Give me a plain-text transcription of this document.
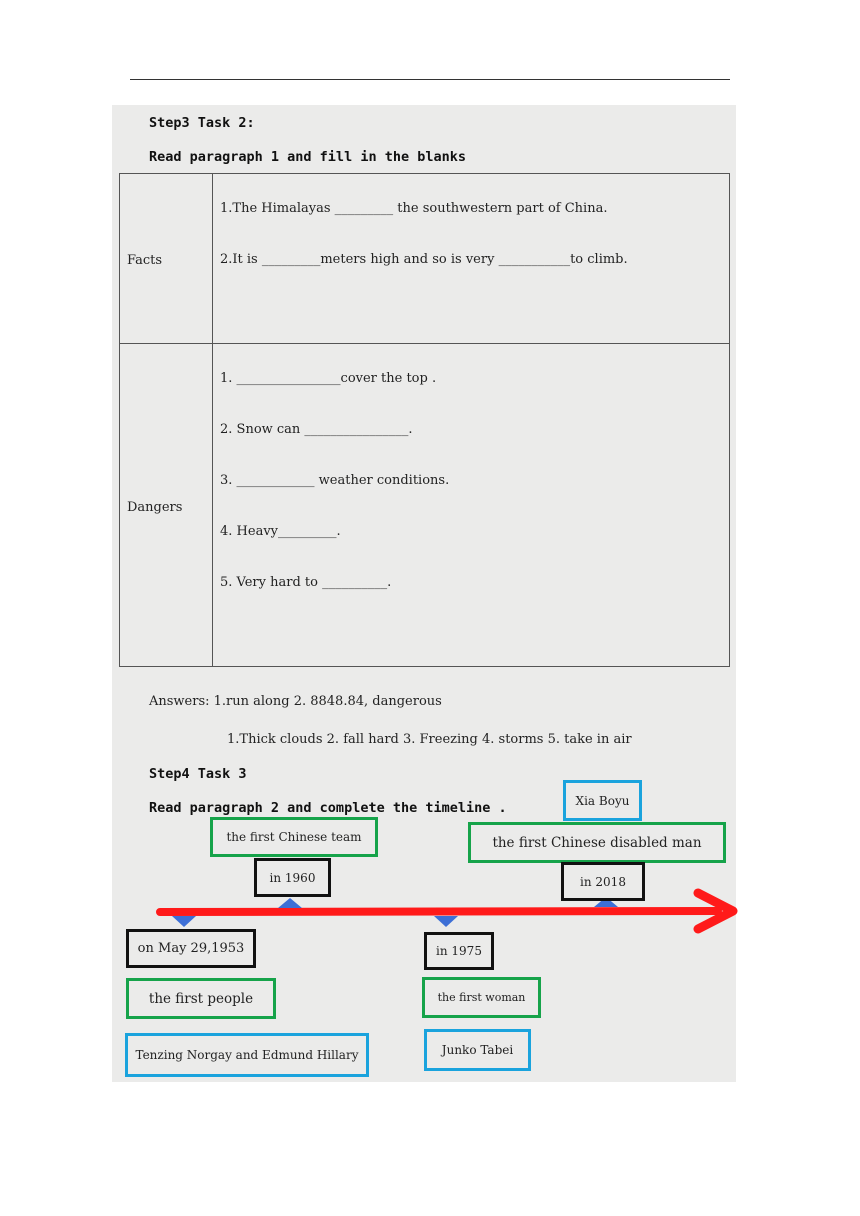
Step3 Task 2:
Read paragraph 1 and fill in the blanks
Facts	1.The Himalayas _________ the southwestern part of China.
2.It is _________meters high and so is very ___________to climb.

Dangers	1. ________________cover the top .
2. Snow can ________________.
3. ____________ weather conditions.
4. Heavy_________.
5. Very hard to __________.
Answers: 1.run along 2. 8848.84, dangerous
1.Thick clouds 2. fall hard 3. Freezing 4. storms 5. take in air
Step4 Task 3
Read paragraph 2 and complete the timeline .
on May 29,1953
the first people
Tenzing Norgay and Edmund Hillary
the first Chinese team
in 1960
in 1975
the first woman
Junko Tabei
Xia Boyu
the first Chinese disabled man
in 2018
